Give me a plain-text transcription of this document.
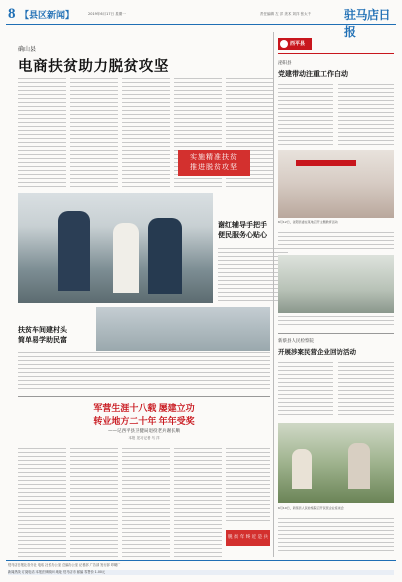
8 【县区新闻】	2019年6月17日 星期一	责任编辑 左 洋 美术 刘洋 张太千	驻马店日报
确山县
电商扶贫助力脱贫攻坚
实施精准扶贫
推进脱贫攻坚
谢红辅导手把手
便民服务心贴心
扶贫车间建村头
简单易学助民富
军营生涯十八载 屡建立功
转业地方二十年 年年受奖
——记西平县卫健局退役老兵谢长顺
本报 见习记者 马 洋
脱 贫 年 终 近 是 兵
西平县
泌阳县
党建带动注重工作白动
6月12日，泌阳县委在某地召开主题教育活动
新蔡县人民检察院
开展涉案民营企业回访活动
6月10日，新蔡县人民检察院召开民营企业座谈会
驻马店日报社各分社 电话 社长办公室 总编办公室 记者部 广告部 发行部 印刷厂
新闻热线 订阅电话 本报法律顾问 地址 驻马店市 邮编 零售价 1.00元
